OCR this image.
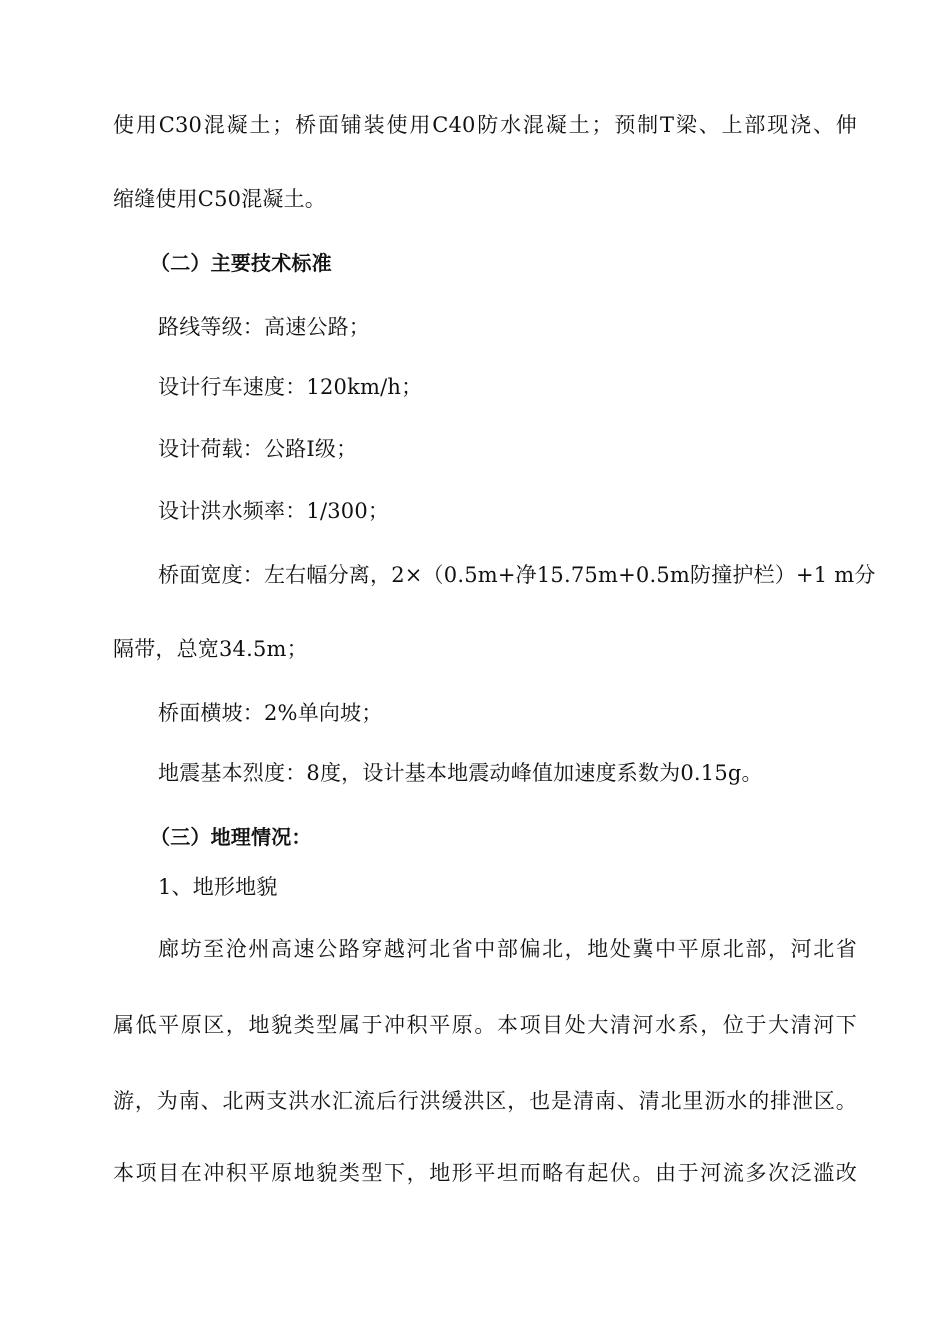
使用C30混凝土；桥面铺装使用C40防水混凝土；预制T梁、上部现浇、伸
缩缝使用C50混凝土。
（二）主要技术标准
路线等级：高速公路；
设计行车速度：120km/h；
设计荷载：公路Ⅰ级；
设计洪水频率：1/300；
桥面宽度：左右幅分离，2×（0.5m+净15.75m+0.5m防撞护栏）+1 m分
隔带，总宽34.5m；
桥面横坡：2%单向坡；
地震基本烈度：8度，设计基本地震动峰值加速度系数为0.15g。
（三）地理情况：
1、地形地貌
廊坊至沧州高速公路穿越河北省中部偏北，地处冀中平原北部，河北省
属低平原区，地貌类型属于冲积平原。本项目处大清河水系，位于大清河下
游，为南、北两支洪水汇流后行洪缓洪区，也是清南、清北里沥水的排泄区。
本项目在冲积平原地貌类型下，地形平坦而略有起伏。由于河流多次泛滥改
